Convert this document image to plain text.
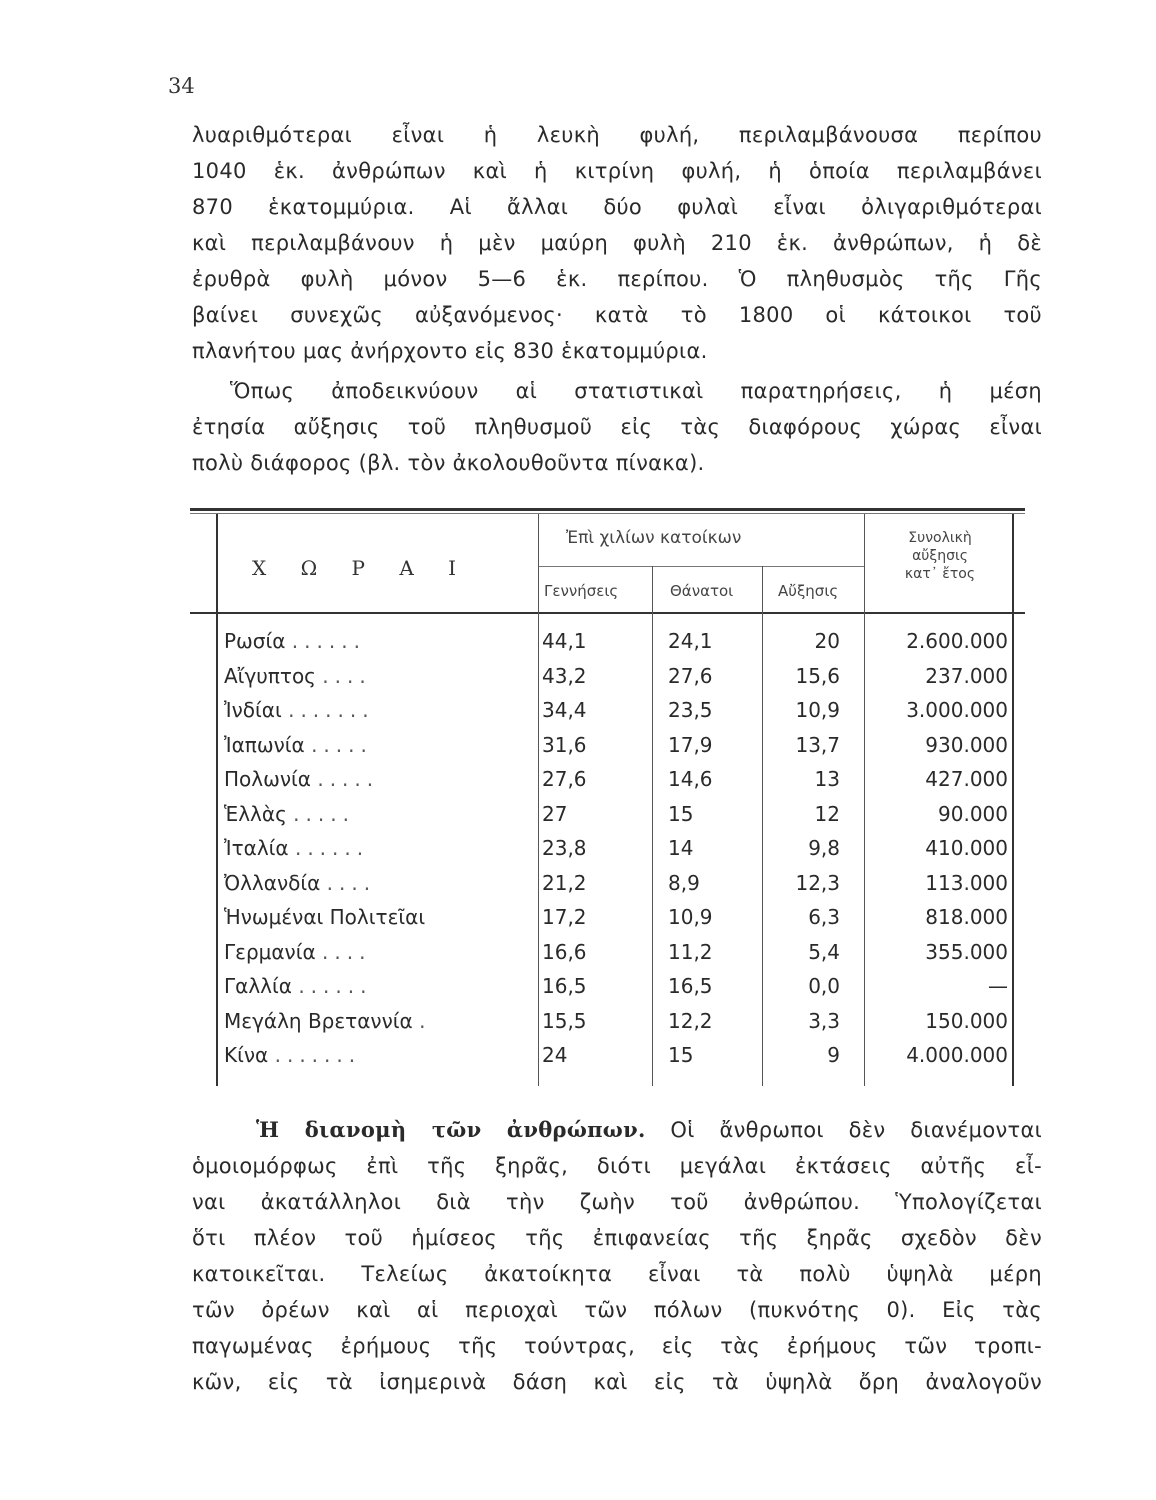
34
λυαριθμότεραι εἶναι ἡ λευκὴ φυλή, περιλαμβάνουσα περίπου
1040 ἑκ. ἀνθρώπων καὶ ἡ κιτρίνη φυλή, ἡ ὁποία περιλαμβάνει
870 ἑκατομμύρια. Αἱ ἄλλαι δύο φυλαὶ εἶναι ὀλιγαριθμότεραι
καὶ περιλαμβάνουν ἡ μὲν μαύρη φυλὴ 210 ἑκ. ἀνθρώπων, ἡ δὲ
ἐρυθρὰ φυλὴ μόνον 5—6 ἑκ. περίπου. Ὁ πληθυσμὸς τῆς Γῆς
βαίνει συνεχῶς αὐξανόμενος· κατὰ τὸ 1800 οἱ κάτοικοι τοῦ
πλανήτου μας ἀνήρχοντο εἰς 830 ἑκατομμύρια.
Ὅπως ἀποδεικνύουν αἱ στατιστικαὶ παρατηρήσεις, ἡ μέση
ἐτησία αὔξησις τοῦ πληθυσμοῦ εἰς τὰς διαφόρους χώρας εἶναι
πολὺ διάφορος (βλ. τὸν ἀκολουθοῦντα πίνακα).
Χ Ω Ρ Α Ι
Ἐπὶ χιλίων κατοίκων
Γεννήσεις	Θάνατοι	Αὔξησις
Συνολικὴ
αὔξησις
κατ᾽ ἔτος
Ρωσία ......	44,1	24,1	20	2.600.000
Αἴγυπτος ....	43,2	27,6	15,6	237.000
Ἰνδίαι .......	34,4	23,5	10,9	3.000.000
Ἰαπωνία .....	31,6	17,9	13,7	930.000
Πολωνία .....	27,6	14,6	13	427.000
Ἑλλὰς .....	27	15	12	90.000
Ἰταλία ......	23,8	14	9,8	410.000
Ὀλλανδία ....	21,2	8,9	12,3	113.000
Ἡνωμέναι Πολιτεῖαι	17,2	10,9	6,3	818.000
Γερμανία ....	16,6	11,2	5,4	355.000
Γαλλία ......	16,5	16,5	0,0	—
Μεγάλη Βρεταννία .	15,5	12,2	3,3	150.000
Κίνα .......	24	15	9	4.000.000
Ἡ διανομὴ τῶν ἀνθρώπων. Οἱ ἄνθρωποι δὲν διανέμονται
ὁμοιομόρφως ἐπὶ τῆς ξηρᾶς, διότι μεγάλαι ἐκτάσεις αὐτῆς εἶ-
ναι ἀκατάλληλοι διὰ τὴν ζωὴν τοῦ ἀνθρώπου. Ὑπολογίζεται
ὅτι πλέον τοῦ ἡμίσεος τῆς ἐπιφανείας τῆς ξηρᾶς σχεδὸν δὲν
κατοικεῖται. Τελείως ἀκατοίκητα εἶναι τὰ πολὺ ὑψηλὰ μέρη
τῶν ὀρέων καὶ αἱ περιοχαὶ τῶν πόλων (πυκνότης 0). Εἰς τὰς
παγωμένας ἐρήμους τῆς τούντρας, εἰς τὰς ἐρήμους τῶν τροπι-
κῶν, εἰς τὰ ἰσημερινὰ δάση καὶ εἰς τὰ ὑψηλὰ ὄρη ἀναλογοῦν
